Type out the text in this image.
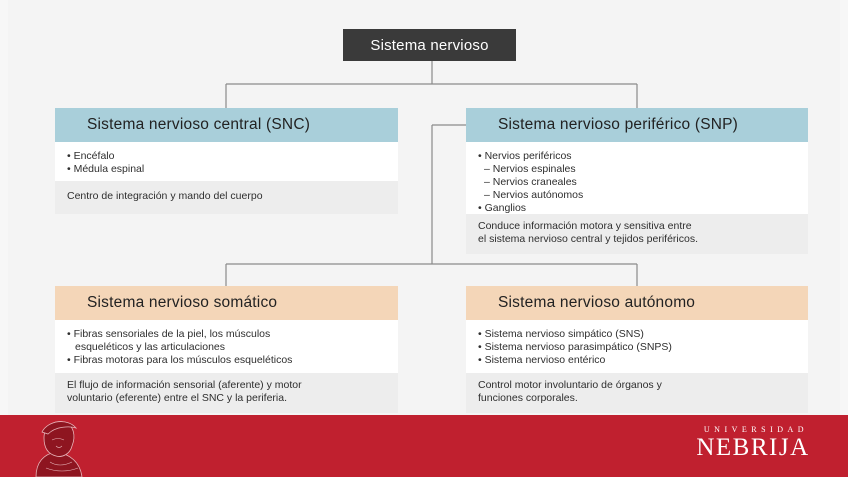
Sistema nervioso
Sistema nervioso central (SNC)
• Encéfalo
• Médula espinal
Centro de integración y mando del cuerpo
Sistema nervioso periférico (SNP)
• Nervios periféricos
– Nervios espinales
– Nervios craneales
– Nervios autónomos
• Ganglios
Conduce información motora y sensitiva entre
el sistema nervioso central y tejidos periféricos.
Sistema nervioso somático
• Fibras sensoriales de la piel, los músculos
esqueléticos y las articulaciones
• Fibras motoras para los músculos esqueléticos
El flujo de información sensorial (aferente) y motor
voluntario (eferente) entre el SNC y la periferia.
Sistema nervioso autónomo
• Sistema nervioso simpático (SNS)
• Sistema nervioso parasimpático (SNPS)
• Sistema nervioso entérico
Control motor involuntario de órganos y
funciones corporales.
UNIVERSIDAD
NEBRIJA
